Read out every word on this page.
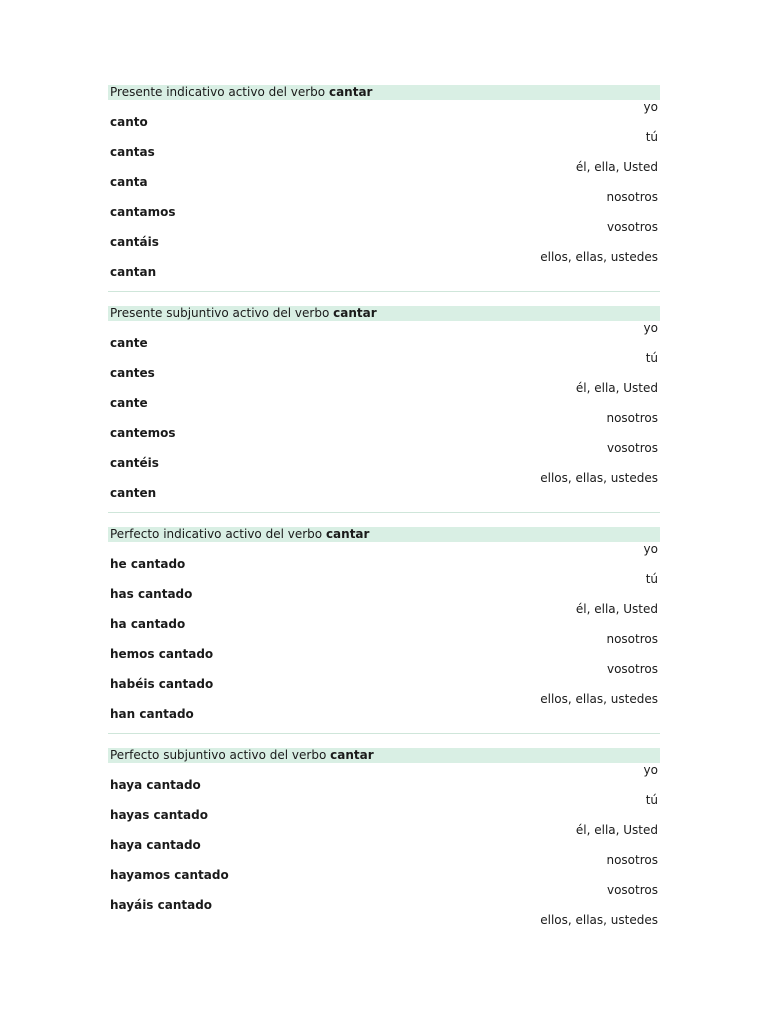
Presente indicativo activo del verbo cantar
yo
canto
tú
cantas
él, ella, Usted
canta
nosotros
cantamos
vosotros
cantáis
ellos, ellas, ustedes
cantan
Presente subjuntivo activo del verbo cantar
yo
cante
tú
cantes
él, ella, Usted
cante
nosotros
cantemos
vosotros
cantéis
ellos, ellas, ustedes
canten
Perfecto indicativo activo del verbo cantar
yo
he cantado
tú
has cantado
él, ella, Usted
ha cantado
nosotros
hemos cantado
vosotros
habéis cantado
ellos, ellas, ustedes
han cantado
Perfecto subjuntivo activo del verbo cantar
yo
haya cantado
tú
hayas cantado
él, ella, Usted
haya cantado
nosotros
hayamos cantado
vosotros
hayáis cantado
ellos, ellas, ustedes
